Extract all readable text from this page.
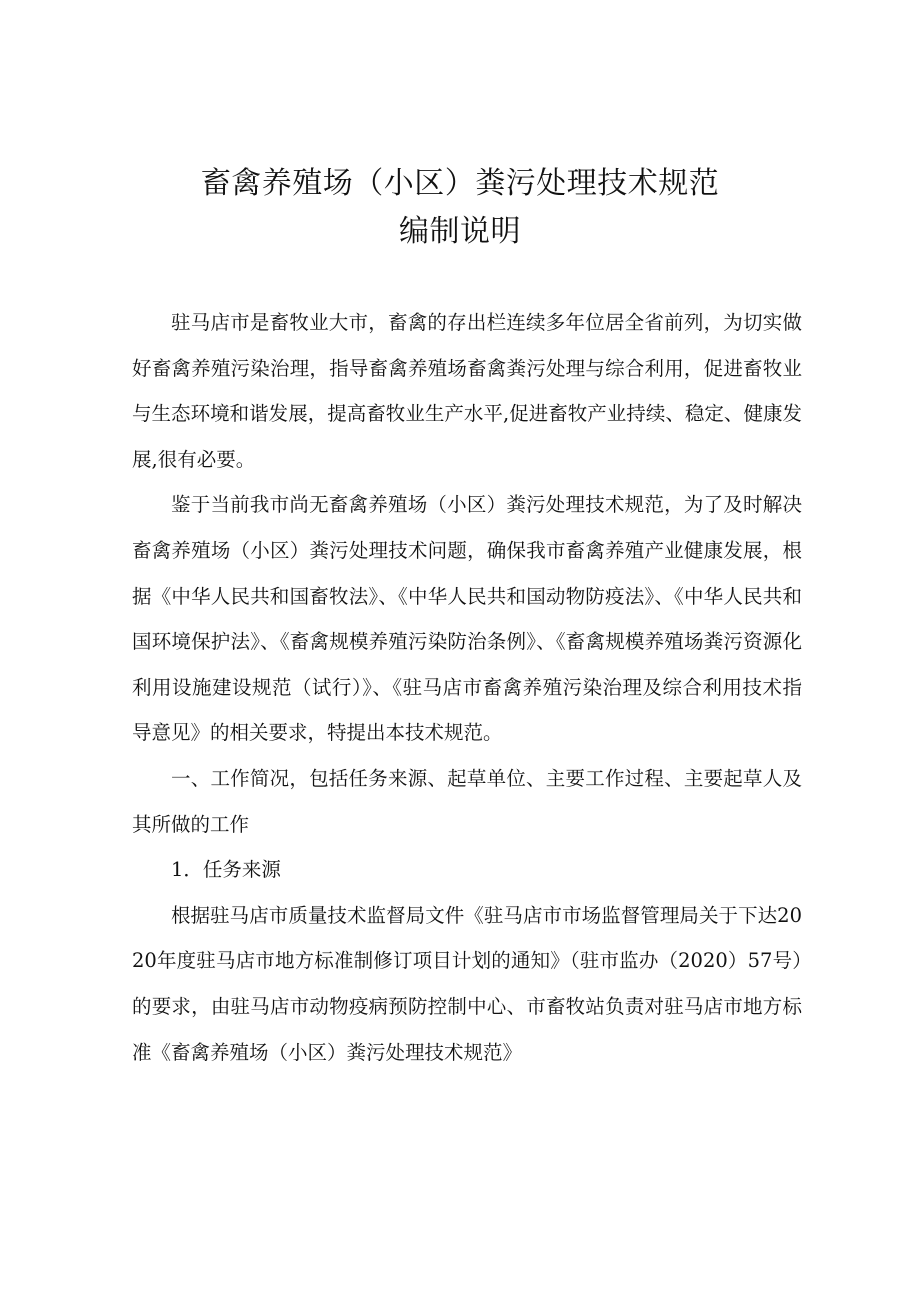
畜禽养殖场（小区）粪污处理技术规范
编制说明

驻马店市是畜牧业大市，畜禽的存出栏连续多年位居全省前列，为切实做好畜禽养殖污染治理，指导畜禽养殖场畜禽粪污处理与综合利用，促进畜牧业与生态环境和谐发展，提高畜牧业生产水平,促进畜牧产业持续、稳定、健康发展,很有必要。

鉴于当前我市尚无畜禽养殖场（小区）粪污处理技术规范，为了及时解决畜禽养殖场（小区）粪污处理技术问题，确保我市畜禽养殖产业健康发展，根据《中华人民共和国畜牧法》、《中华人民共和国动物防疫法》、《中华人民共和国环境保护法》、《畜禽规模养殖污染防治条例》、《畜禽规模养殖场粪污资源化利用设施建设规范（试行）》、《驻马店市畜禽养殖污染治理及综合利用技术指导意见》的相关要求，特提出本技术规范。

一、工作简况，包括任务来源、起草单位、主要工作过程、主要起草人及其所做的工作

1．任务来源

根据驻马店市质量技术监督局文件《驻马店市市场监督管理局关于下达2020年度驻马店市地方标准制修订项目计划的通知》（驻市监办（2020）57号）的要求，由驻马店市动物疫病预防控制中心、市畜牧站负责对驻马店市地方标准《畜禽养殖场（小区）粪污处理技术规范》
